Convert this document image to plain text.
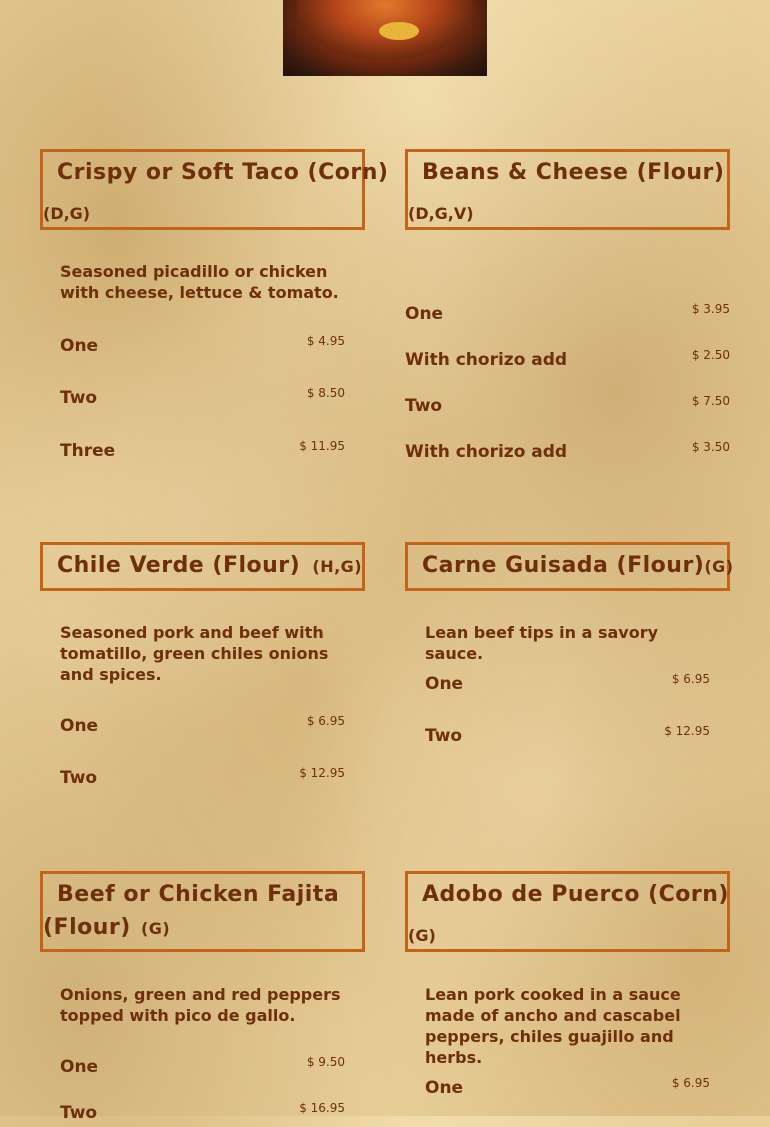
Crispy or Soft Taco (Corn)
(D,G)
Seasoned picadillo or chicken with cheese, lettuce & tomato.
One	$ 4.95
Two	$ 8.50
Three	$ 11.95
Beans & Cheese (Flour)
(D,G,V)
One	$ 3.95
With chorizo add	$ 2.50
Two	$ 7.50
With chorizo add	$ 3.50
Chile Verde (Flour) (H,G)
Seasoned pork and beef with tomatillo, green chiles onions and spices.
One	$ 6.95
Two	$ 12.95
Carne Guisada (Flour)(G)
Lean beef tips in a savory sauce.
One	$ 6.95
Two	$ 12.95
Beef or Chicken Fajita
(Flour) (G)
Onions, green and red peppers topped with pico de gallo.
One	$ 9.50
Two	$ 16.95
Adobo de Puerco (Corn)
(G)
Lean pork cooked in a sauce made of ancho and cascabel peppers, chiles guajillo and herbs.
One	$ 6.95
